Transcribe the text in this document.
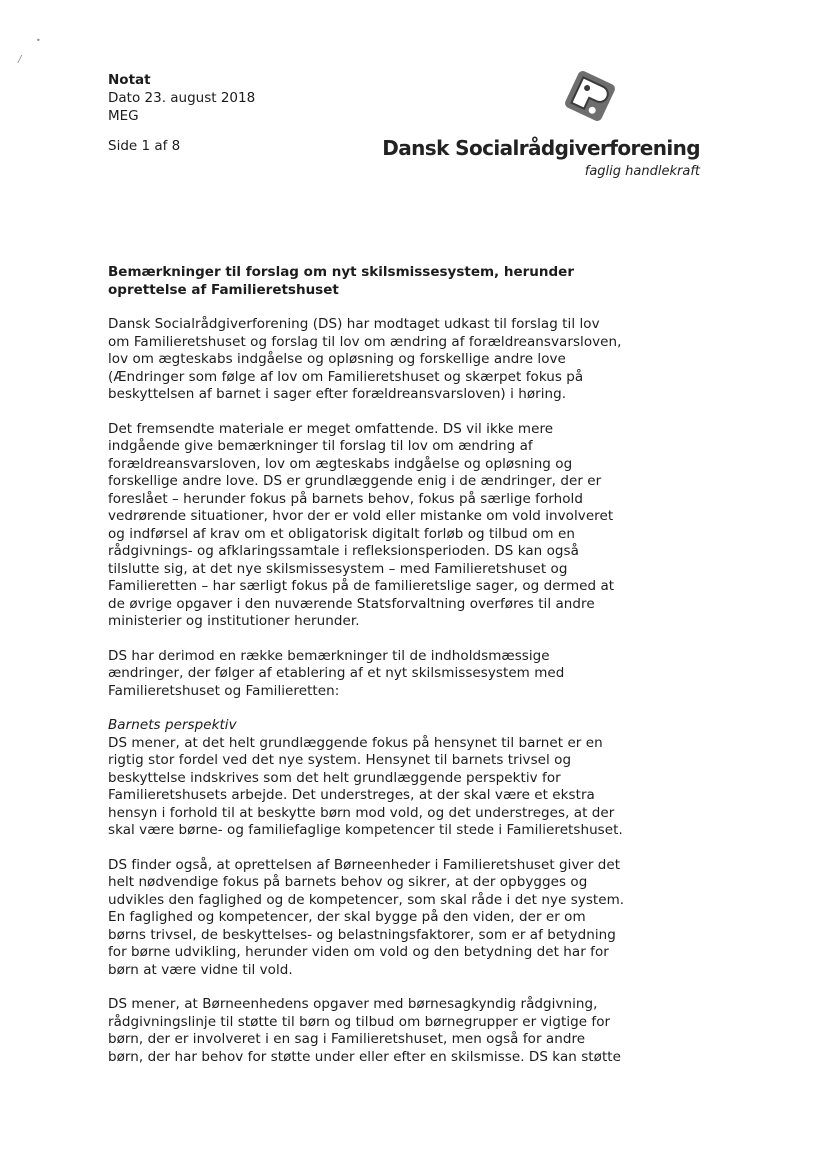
•
/
Notat
Dato 23. august 2018
MEG
Side 1 af 8	Dansk Socialrådgiverforening
faglig handlekraft
Bemærkninger til forslag om nyt skilsmissesystem, herunder
oprettelse af Familieretshuset

Dansk Socialrådgiverforening (DS) har modtaget udkast til forslag til lov
om Familieretshuset og forslag til lov om ændring af forældreansvarsloven,
lov om ægteskabs indgåelse og opløsning og forskellige andre love
(Ændringer som følge af lov om Familieretshuset og skærpet fokus på
beskyttelsen af barnet i sager efter forældreansvarsloven) i høring.

Det fremsendte materiale er meget omfattende. DS vil ikke mere
indgående give bemærkninger til forslag til lov om ændring af
forældreansvarsloven, lov om ægteskabs indgåelse og opløsning og
forskellige andre love. DS er grundlæggende enig i de ændringer, der er
foreslået – herunder fokus på barnets behov, fokus på særlige forhold
vedrørende situationer, hvor der er vold eller mistanke om vold involveret
og indførsel af krav om et obligatorisk digitalt forløb og tilbud om en
rådgivnings- og afklaringssamtale i refleksionsperioden. DS kan også
tilslutte sig, at det nye skilsmissesystem – med Familieretshuset og
Familieretten – har særligt fokus på de familieretslige sager, og dermed at
de øvrige opgaver i den nuværende Statsforvaltning overføres til andre
ministerier og institutioner herunder.

DS har derimod en række bemærkninger til de indholdsmæssige
ændringer, der følger af etablering af et nyt skilsmissesystem med
Familieretshuset og Familieretten:

Barnets perspektiv
DS mener, at det helt grundlæggende fokus på hensynet til barnet er en
rigtig stor fordel ved det nye system. Hensynet til barnets trivsel og
beskyttelse indskrives som det helt grundlæggende perspektiv for
Familieretshusets arbejde. Det understreges, at der skal være et ekstra
hensyn i forhold til at beskytte børn mod vold, og det understreges, at der
skal være børne- og familiefaglige kompetencer til stede i Familieretshuset.

DS finder også, at oprettelsen af Børneenheder i Familieretshuset giver det
helt nødvendige fokus på barnets behov og sikrer, at der opbygges og
udvikles den faglighed og de kompetencer, som skal råde i det nye system.
En faglighed og kompetencer, der skal bygge på den viden, der er om
børns trivsel, de beskyttelses- og belastningsfaktorer, som er af betydning
for børne udvikling, herunder viden om vold og den betydning det har for
børn at være vidne til vold.

DS mener, at Børneenhedens opgaver med børnesagkyndig rådgivning,
rådgivningslinje til støtte til børn og tilbud om børnegrupper er vigtige for
børn, der er involveret i en sag i Familieretshuset, men også for andre
børn, der har behov for støtte under eller efter en skilsmisse. DS kan støtte
